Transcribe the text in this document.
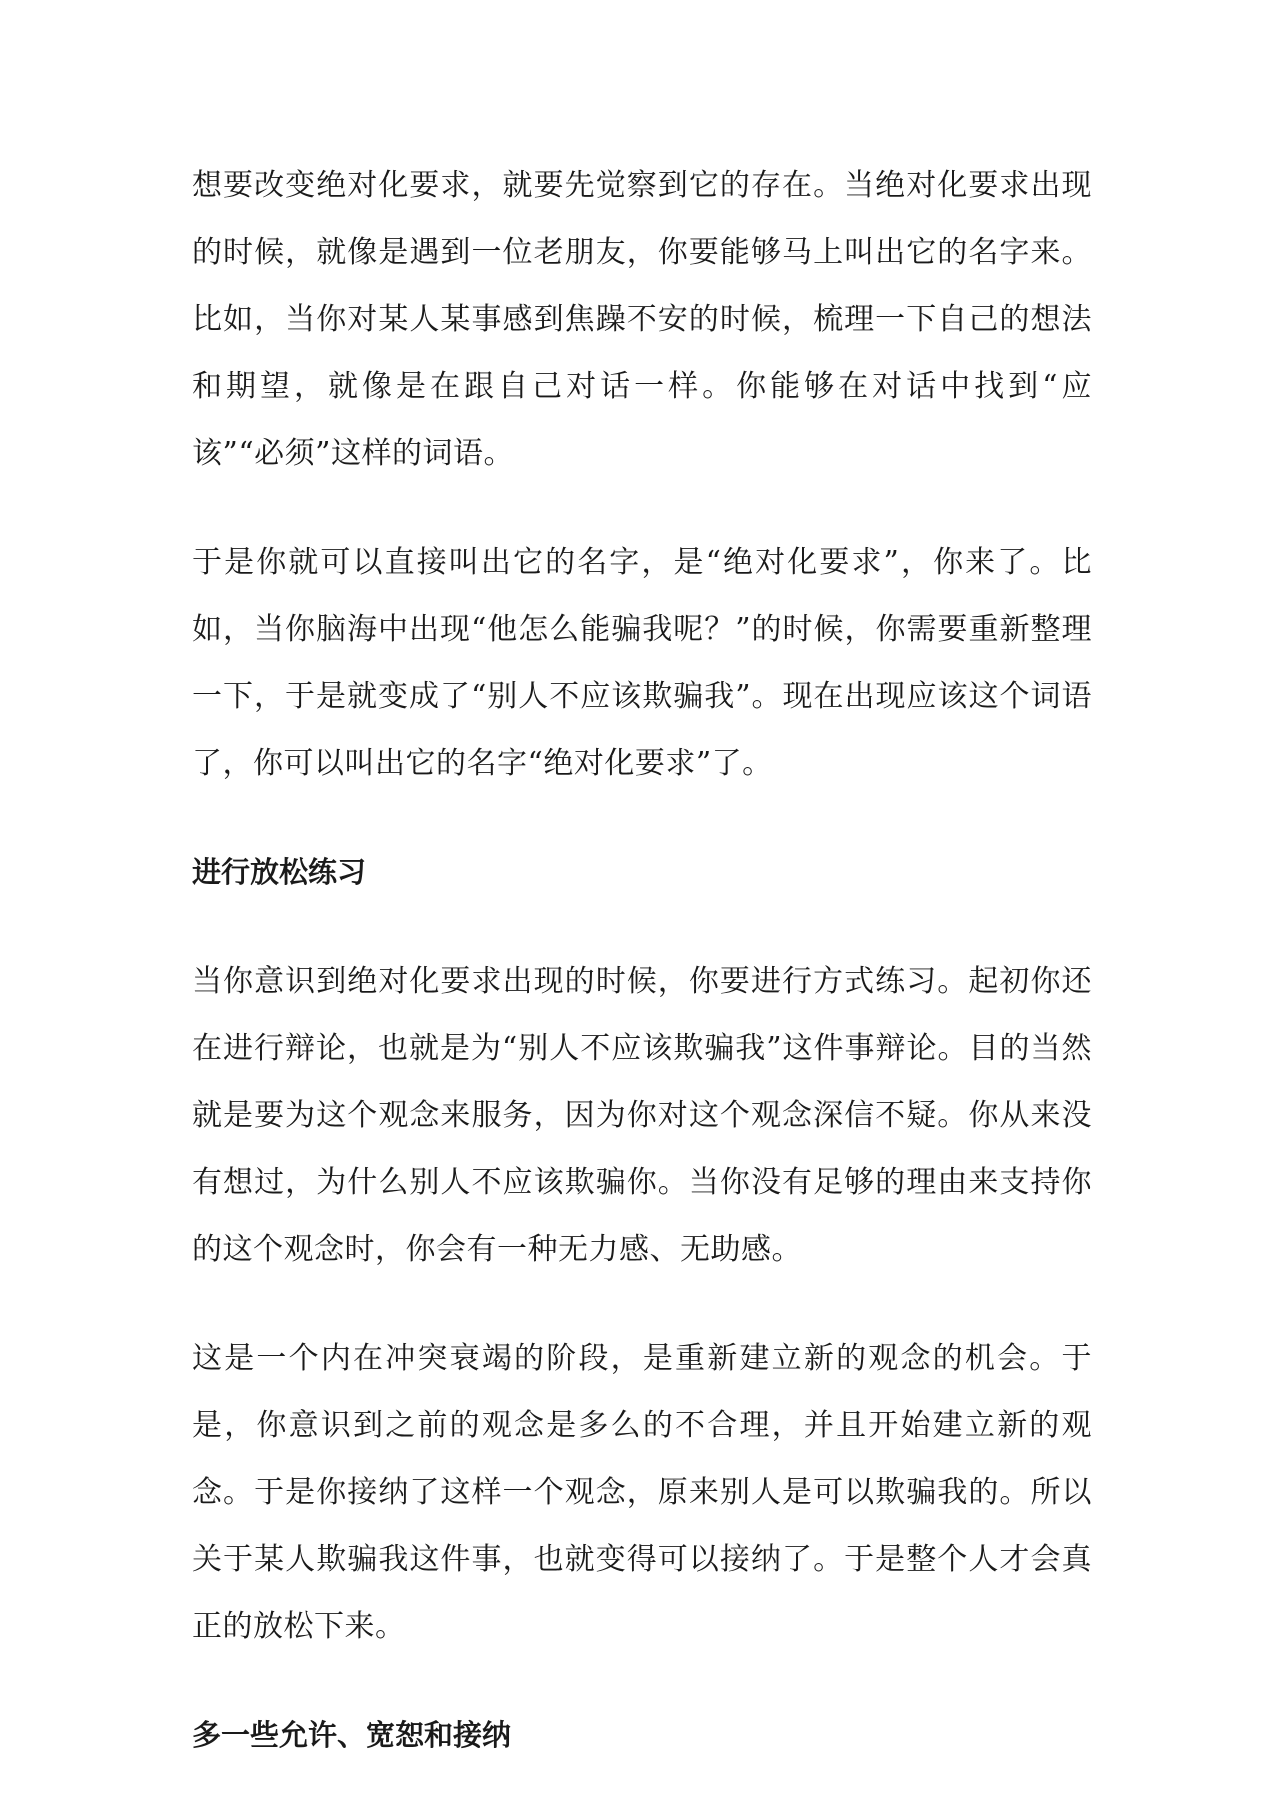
想要改变绝对化要求，就要先觉察到它的存在。当绝对化要求出现的时候，就像是遇到一位老朋友，你要能够马上叫出它的名字来。比如，当你对某人某事感到焦躁不安的时候，梳理一下自己的想法和期望，就像是在跟自己对话一样。你能够在对话中找到“应该”“必须”这样的词语。

于是你就可以直接叫出它的名字，是“绝对化要求”，你来了。比如，当你脑海中出现“他怎么能骗我呢？”的时候，你需要重新整理一下，于是就变成了“别人不应该欺骗我”。现在出现应该这个词语了，你可以叫出它的名字“绝对化要求”了。

进行放松练习

当你意识到绝对化要求出现的时候，你要进行方式练习。起初你还在进行辩论，也就是为“别人不应该欺骗我”这件事辩论。目的当然就是要为这个观念来服务，因为你对这个观念深信不疑。你从来没有想过，为什么别人不应该欺骗你。当你没有足够的理由来支持你的这个观念时，你会有一种无力感、无助感。

这是一个内在冲突衰竭的阶段，是重新建立新的观念的机会。于是，你意识到之前的观念是多么的不合理，并且开始建立新的观念。于是你接纳了这样一个观念，原来别人是可以欺骗我的。所以关于某人欺骗我这件事，也就变得可以接纳了。于是整个人才会真正的放松下来。

多一些允许、宽恕和接纳
